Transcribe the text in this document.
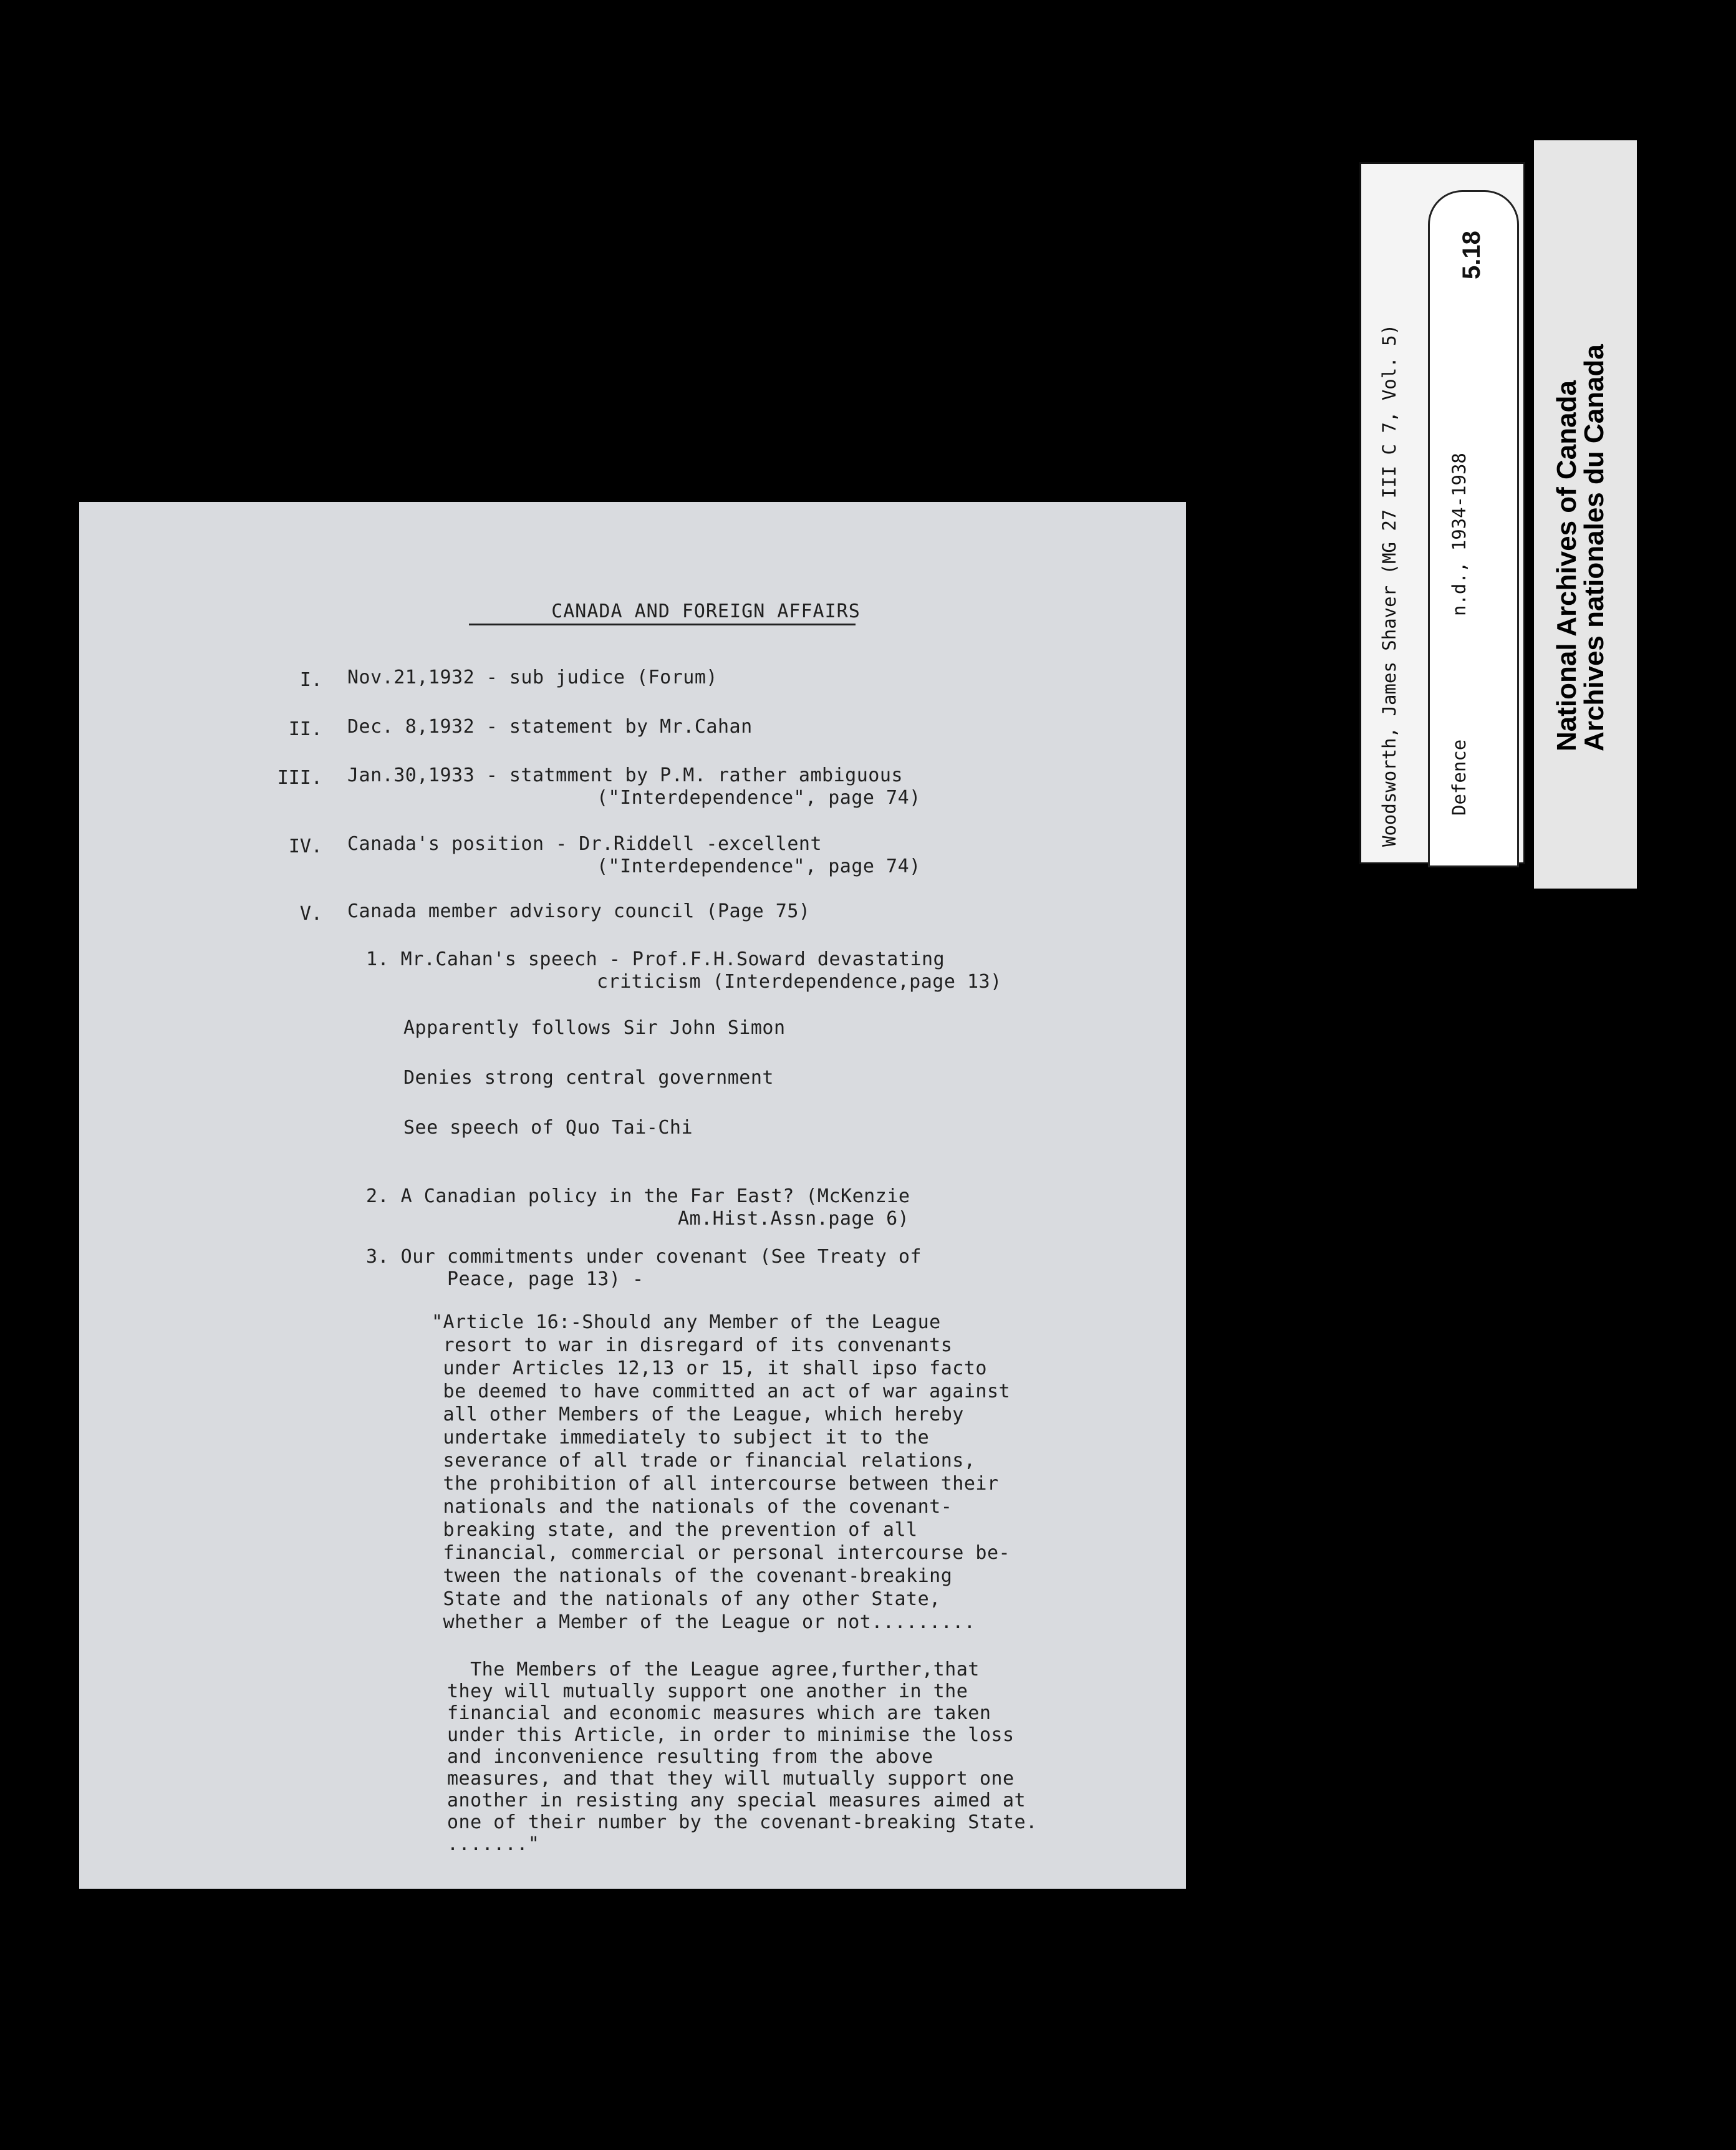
CANADA AND FOREIGN AFFAIRS
I. Nov.21,1932 - sub judice (Forum)
II. Dec. 8,1932 - statement by Mr.Cahan
III. Jan.30,1933 - statmment by P.M. rather ambiguous
("Interdependence", page 74)
IV. Canada's position - Dr.Riddell -excellent
("Interdependence", page 74)
V. Canada member advisory council (Page 75)
1. Mr.Cahan's speech - Prof.F.H.Soward devastating
criticism (Interdependence,page 13)
Apparently follows Sir John Simon
Denies strong central government
See speech of Quo Tai-Chi
2. A Canadian policy in the Far East? (McKenzie
Am.Hist.Assn.page 6)
3. Our commitments under covenant (See Treaty of
Peace, page 13) -
"Article 16:-Should any Member of the League
resort to war in disregard of its convenants
under Articles 12,13 or 15, it shall ipso facto
be deemed to have committed an act of war against
all other Members of the League, which hereby
undertake immediately to subject it to the
severance of all trade or financial relations,
the prohibition of all intercourse between their
nationals and the nationals of the covenant-
breaking state, and the prevention of all
financial, commercial or personal intercourse be-
tween the nationals of the covenant-breaking
State and the nationals of any other State,
whether a Member of the League or not.........
The Members of the League agree,further,that
they will mutually support one another in the
financial and economic measures which are taken
under this Article, in order to minimise the loss
and inconvenience resulting from the above
measures, and that they will mutually support one
another in resisting any special measures aimed at
one of their number by the covenant-breaking State.
......."
Woodsworth, James Shaver (MG 27 III C 7, Vol. 5)	Defence
n.d., 1934-1938
5.18
National Archives of Canada
Archives nationales du Canada
